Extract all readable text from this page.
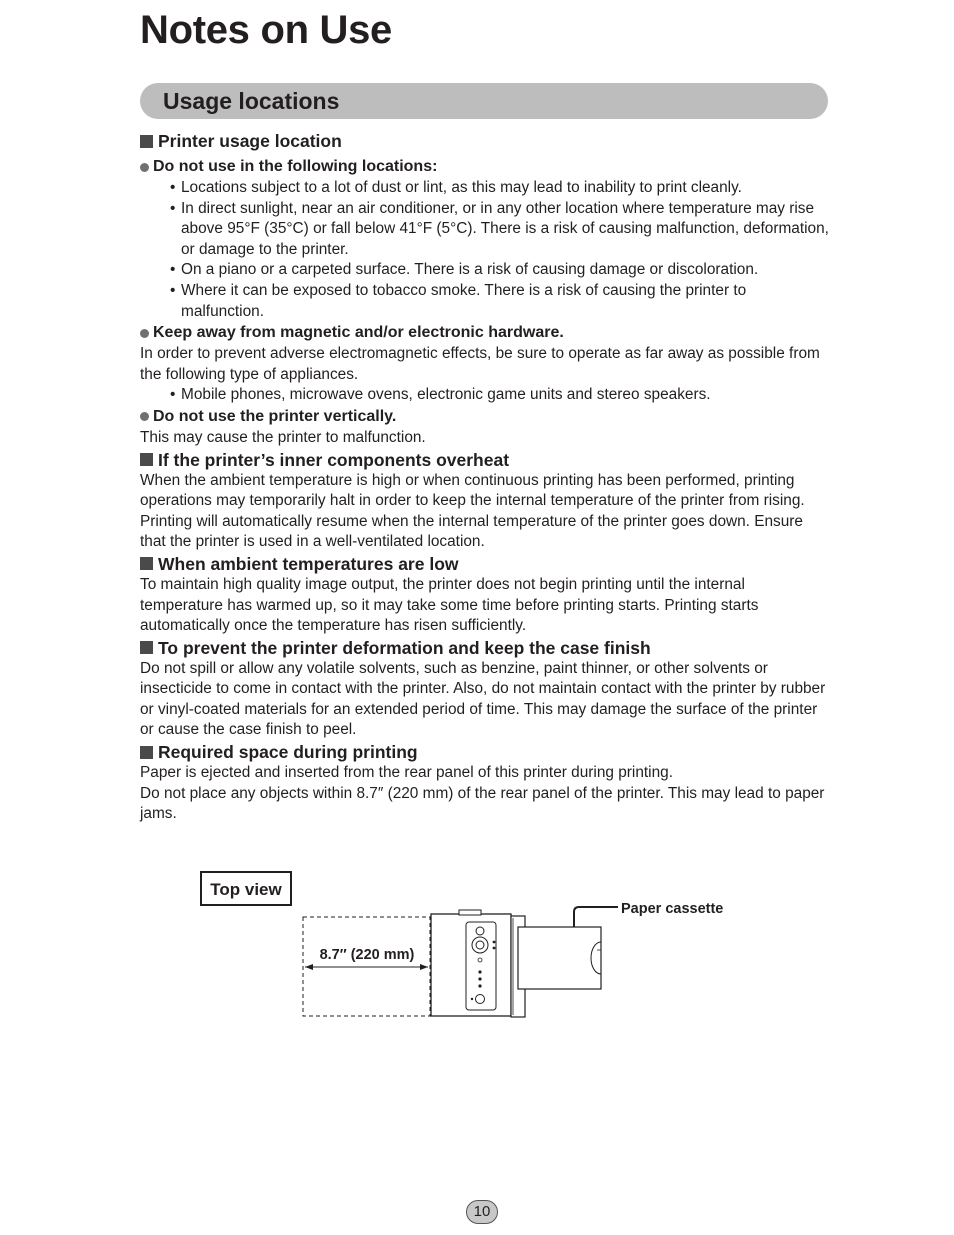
Notes on Use
Usage locations
Printer usage location
Do not use in the following locations:
• Locations subject to a lot of dust or lint, as this may lead to inability to print cleanly.
• In direct sunlight, near an air conditioner, or in any other location where temperature may rise above 95°F (35°C) or fall below 41°F (5°C). There is a risk of causing malfunction, deformation, or damage to the printer.
• On a piano or a carpeted surface. There is a risk of causing damage or discoloration.
• Where it can be exposed to tobacco smoke. There is a risk of causing the printer to malfunction.
Keep away from magnetic and/or electronic hardware.

In order to prevent adverse electromagnetic effects, be sure to operate as far away as possible from the following type of appliances.

• Mobile phones, microwave ovens, electronic game units and stereo speakers.
Do not use the printer vertically.

This may cause the printer to malfunction.

If the printer’s inner components overheat

When the ambient temperature is high or when continuous printing has been performed, printing operations may temporarily halt in order to keep the internal temperature of the printer from rising. Printing will automatically resume when the internal temperature of the printer goes down. Ensure that the printer is used in a well-ventilated location.

When ambient temperatures are low

To maintain high quality image output, the printer does not begin printing until the internal temperature has warmed up, so it may take some time before printing starts. Printing starts automatically once the temperature has risen sufficiently.

To prevent the printer deformation and keep the case finish

Do not spill or allow any volatile solvents, such as benzine, paint thinner, or other solvents or insecticide to come in contact with the printer. Also, do not maintain contact with the printer by rubber or vinyl-coated materials for an extended period of time. This may damage the surface of the printer or cause the case finish to peel.

Required space during printing

Paper is ejected and inserted from the rear panel of this printer during printing.

Do not place any objects within 8.7″ (220 mm) of the rear panel of the printer. This may lead to paper jams.

Top view
8.7″ (220 mm)
Paper cassette
10
